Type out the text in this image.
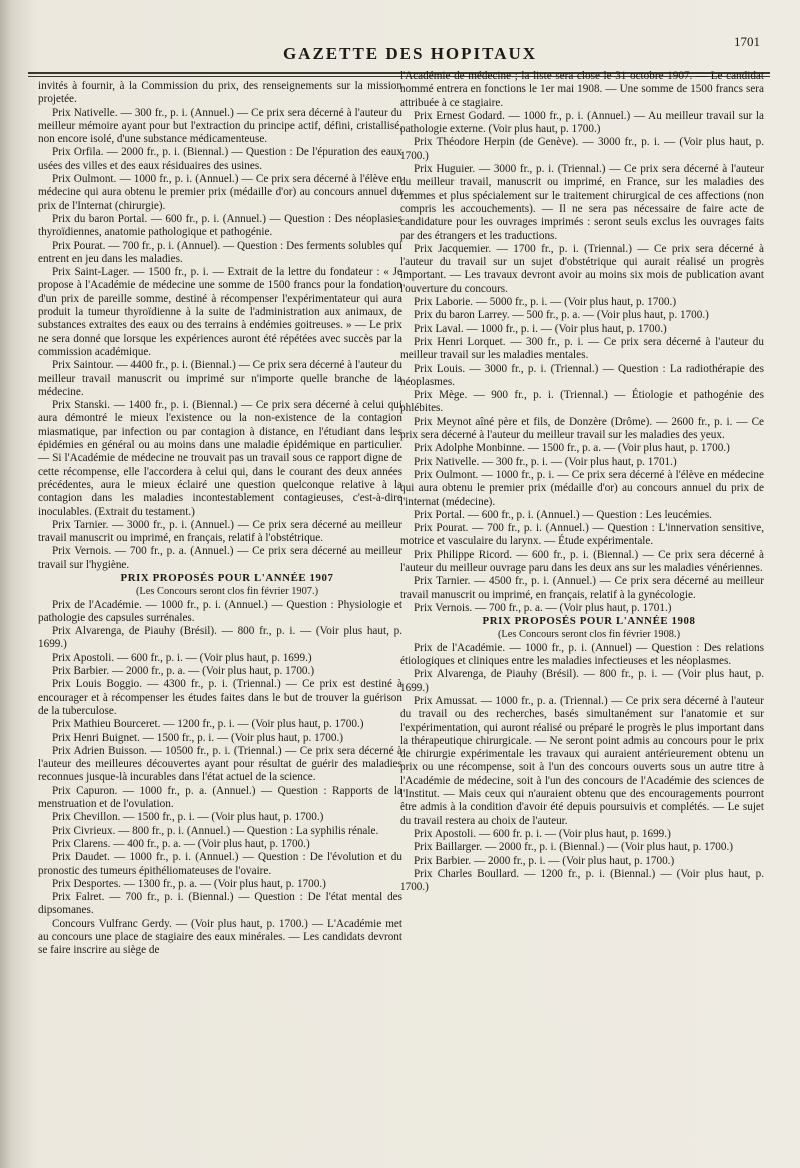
GAZETTE DES HOPITAUX
1701

invités à fournir, à la Commission du prix, des renseignements sur la mission projetée.

Prix Nativelle. — 300 fr., p. i. (Annuel.) — Ce prix sera décerné à l'auteur du meilleur mémoire ayant pour but l'extraction du principe actif, défini, cristallisé, non encore isolé, d'une substance médicamenteuse.

Prix Orfila. — 2000 fr., p. i. (Biennal.) — Question : De l'épuration des eaux usées des villes et des eaux résiduaires des usines.

Prix Oulmont. — 1000 fr., p. i. (Annuel.) — Ce prix sera décerné à l'élève en médecine qui aura obtenu le premier prix (médaille d'or) au concours annuel du prix de l'Internat (chirurgie).

Prix du baron Portal. — 600 fr., p. i. (Annuel.) — Question : Des néoplasies thyroïdiennes, anatomie pathologique et pathogénie.

Prix Pourat. — 700 fr., p. i. (Annuel). — Question : Des ferments solubles qui entrent en jeu dans les maladies.

Prix Saint-Lager. — 1500 fr., p. i. — Extrait de la lettre du fondateur : « Je propose à l'Académie de médecine une somme de 1500 francs pour la fondation d'un prix de pareille somme, destiné à récompenser l'expérimentateur qui aura produit la tumeur thyroïdienne à la suite de l'administration aux animaux, de substances extraites des eaux ou des terrains à endémies goitreuses. » — Le prix ne sera donné que lorsque les expériences auront été répétées avec succès par la commission académique.

Prix Saintour. — 4400 fr., p. i. (Biennal.) — Ce prix sera décerné à l'auteur du meilleur travail manuscrit ou imprimé sur n'importe quelle branche de la médecine.

Prix Stanski. — 1400 fr., p. i. (Biennal.) — Ce prix sera décerné à celui qui aura démontré le mieux l'existence ou la non-existence de la contagion miasmatique, par infection ou par contagion à distance, en l'étudiant dans les épidémies en général ou au moins dans une maladie épidémique en particulier. — Si l'Académie de médecine ne trouvait pas un travail sous ce rapport digne de cette récompense, elle l'accordera à celui qui, dans le courant des deux années précédentes, aura le mieux éclairé une question quelconque relative à la contagion dans les maladies incontestablement contagieuses, c'est-à-dire inoculables. (Extrait du testament.)

Prix Tarnier. — 3000 fr., p. i. (Annuel.) — Ce prix sera décerné au meilleur travail manuscrit ou imprimé, en français, relatif à l'obstétrique.

Prix Vernois. — 700 fr., p. a. (Annuel.) — Ce prix sera décerné au meilleur travail sur l'hygiène.

PRIX PROPOSÉS POUR L'ANNÉE 1907

(Les Concours seront clos fin février 1907.)

Prix de l'Académie. — 1000 fr., p. i. (Annuel.) — Question : Physiologie et pathologie des capsules surrénales.

Prix Alvarenga, de Piauhy (Brésil). — 800 fr., p. i. — (Voir plus haut, p. 1699.)

Prix Apostoli. — 600 fr., p. i. — (Voir plus haut, p. 1699.)

Prix Barbier. — 2000 fr., p. a. — (Voir plus haut, p. 1700.)

Prix Louis Boggio. — 4300 fr., p. i. (Triennal.) — Ce prix est destiné à encourager et à récompenser les études faites dans le but de trouver la guérison de la tuberculose.

Prix Mathieu Bourceret. — 1200 fr., p. i. — (Voir plus haut, p. 1700.)

Prix Henri Buignet. — 1500 fr., p. i. — (Voir plus haut, p. 1700.)

Prix Adrien Buisson. — 10500 fr., p. i. (Triennal.) — Ce prix sera décerné à l'auteur des meilleures découvertes ayant pour résultat de guérir des maladies reconnues jusque-là incurables dans l'état actuel de la science.

Prix Capuron. — 1000 fr., p. a. (Annuel.) — Question : Rapports de la menstruation et de l'ovulation.

Prix Chevillon. — 1500 fr., p. i. — (Voir plus haut, p. 1700.)

Prix Civrieux. — 800 fr., p. i. (Annuel.) — Question : La syphilis rénale.

Prix Clarens. — 400 fr., p. a. — (Voir plus haut, p. 1700.)

Prix Daudet. — 1000 fr., p. i. (Annuel.) — Question : De l'évolution et du pronostic des tumeurs épithéliomateuses de l'ovaire.

Prix Desportes. — 1300 fr., p. a. — (Voir plus haut, p. 1700.)

Prix Falret. — 700 fr., p. i. (Biennal.) — Question : De l'état mental des dipsomanes.

Concours Vulfranc Gerdy. — (Voir plus haut, p. 1700.) — L'Académie met au concours une place de stagiaire des eaux minérales. — Les candidats devront se faire inscrire au siège de

l'Académie de médecine ; la liste sera close le 31 octobre 1907. — Le candidat nommé entrera en fonctions le 1er mai 1908. — Une somme de 1500 francs sera attribuée à ce stagiaire.

Prix Ernest Godard. — 1000 fr., p. i. (Annuel.) — Au meilleur travail sur la pathologie externe. (Voir plus haut, p. 1700.)

Prix Théodore Herpin (de Genève). — 3000 fr., p. i. — (Voir plus haut, p. 1700.)

Prix Huguier. — 3000 fr., p. i. (Triennal.) — Ce prix sera décerné à l'auteur du meilleur travail, manuscrit ou imprimé, en France, sur les maladies des femmes et plus spécialement sur le traitement chirurgical de ces affections (non compris les accouchements). — Il ne sera pas nécessaire de faire acte de candidature pour les ouvrages imprimés : seront seuls exclus les ouvrages faits par des étrangers et les traductions.

Prix Jacquemier. — 1700 fr., p. i. (Triennal.) — Ce prix sera décerné à l'auteur du travail sur un sujet d'obstétrique qui aurait réalisé un progrès important. — Les travaux devront avoir au moins six mois de publication avant l'ouverture du concours.

Prix Laborie. — 5000 fr., p. i. — (Voir plus haut, p. 1700.)

Prix du baron Larrey. — 500 fr., p. a. — (Voir plus haut, p. 1700.)

Prix Laval. — 1000 fr., p. i. — (Voir plus haut, p. 1700.)

Prix Henri Lorquet. — 300 fr., p. i. — Ce prix sera décerné à l'auteur du meilleur travail sur les maladies mentales.

Prix Louis. — 3000 fr., p. i. (Triennal.) — Question : La radiothérapie des néoplasmes.

Prix Mège. — 900 fr., p. i. (Triennal.) — Étiologie et pathogénie des phlébites.

Prix Meynot aîné père et fils, de Donzère (Drôme). — 2600 fr., p. i. — Ce prix sera décerné à l'auteur du meilleur travail sur les maladies des yeux.

Prix Adolphe Monbinne. — 1500 fr., p. a. — (Voir plus haut, p. 1700.)

Prix Nativelle. — 300 fr., p. i. — (Voir plus haut, p. 1701.)

Prix Oulmont. — 1000 fr., p. i. — Ce prix sera décerné à l'élève en médecine qui aura obtenu le premier prix (médaille d'or) au concours annuel du prix de l'internat (médecine).

Prix Portal. — 600 fr., p. i. (Annuel.) — Question : Les leucémies.

Prix Pourat. — 700 fr., p. i. (Annuel.) — Question : L'innervation sensitive, motrice et vasculaire du larynx. — Étude expérimentale.

Prix Philippe Ricord. — 600 fr., p. i. (Biennal.) — Ce prix sera décerné à l'auteur du meilleur ouvrage paru dans les deux ans sur les maladies vénériennes.

Prix Tarnier. — 4500 fr., p. i. (Annuel.) — Ce prix sera décerné au meilleur travail manuscrit ou imprimé, en français, relatif à la gynécologie.

Prix Vernois. — 700 fr., p. a. — (Voir plus haut, p. 1701.)

PRIX PROPOSÉS POUR L'ANNÉE 1908

(Les Concours seront clos fin février 1908.)

Prix de l'Académie. — 1000 fr., p. i. (Annuel) — Question : Des relations étiologiques et cliniques entre les maladies infectieuses et les néoplasmes.

Prix Alvarenga, de Piauhy (Brésil). — 800 fr., p. i. — (Voir plus haut, p. 1699.)

Prix Amussat. — 1000 fr., p. a. (Triennal.) — Ce prix sera décerné à l'auteur du travail ou des recherches, basés simultanément sur l'anatomie et sur l'expérimentation, qui auront réalisé ou préparé le progrès le plus important dans la thérapeutique chirurgicale. — Ne seront point admis au concours pour le prix de chirurgie expérimentale les travaux qui auraient antérieurement obtenu un prix ou une récompense, soit à l'un des concours ouverts sous un autre titre à l'Académie de médecine, soit à l'un des concours de l'Académie des sciences de l'Institut. — Mais ceux qui n'auraient obtenu que des encouragements pourront être admis à la condition d'avoir été depuis poursuivis et complétés. — Le sujet du travail restera au choix de l'auteur.

Prix Apostoli. — 600 fr. p. i. — (Voir plus haut, p. 1699.)

Prix Baillarger. — 2000 fr., p. i. (Biennal.) — (Voir plus haut, p. 1700.)

Prix Barbier. — 2000 fr., p. i. — (Voir plus haut, p. 1700.)

Prix Charles Boullard. — 1200 fr., p. i. (Biennal.) — (Voir plus haut, p. 1700.)
